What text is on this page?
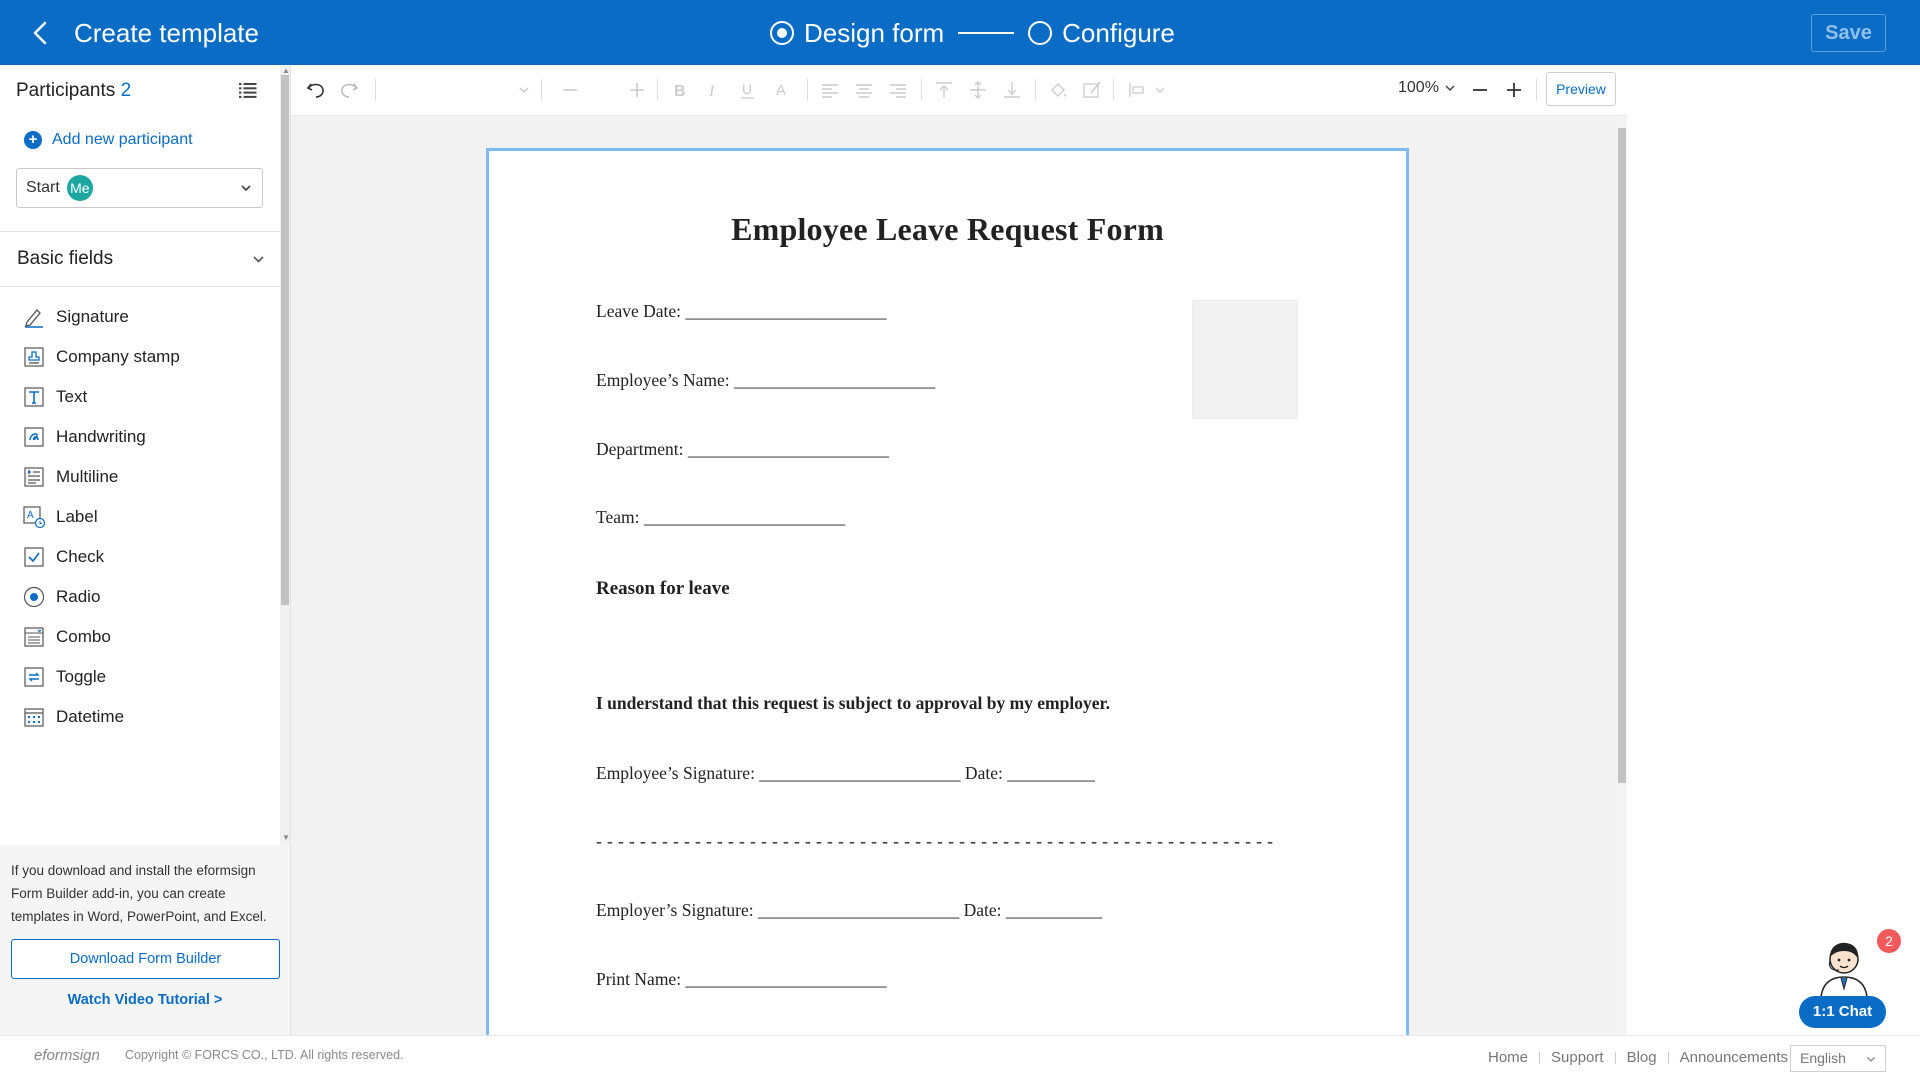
Create template	Design form	Configure	Save
Participants 2
+ Add new participant
Start Me
Basic fields
Signature
Company stamp
Text
Handwriting
Multiline
A Label
Check
Radio
Combo
Toggle
Datetime
▲
▼
If you download and install the eformsign Form Builder add-in, you can create templates in Word, PowerPoint, and Excel.
Download Form Builder
Watch Video Tutorial >
B I U A	100%	Preview
Employee Leave Request Form
Leave Date: _______________________
Employee’s Name: _______________________
Department: _______________________
Team: _______________________
Reason for leave
I understand that this request is subject to approval by my employer.
Employee’s Signature: _______________________ Date: __________
- - - - - - - - - - - - - - - - - - - - - - - - - - - - - - - - - - - - - - - - - - - - - - - - - - - - - - - - - - - - - -
Employer’s Signature: _______________________ Date: ___________
Print Name: _______________________
2
1:1 Chat
eformsign Copyright © FORCS CO., LTD. All rights reserved.	Home Support Blog Announcements English
